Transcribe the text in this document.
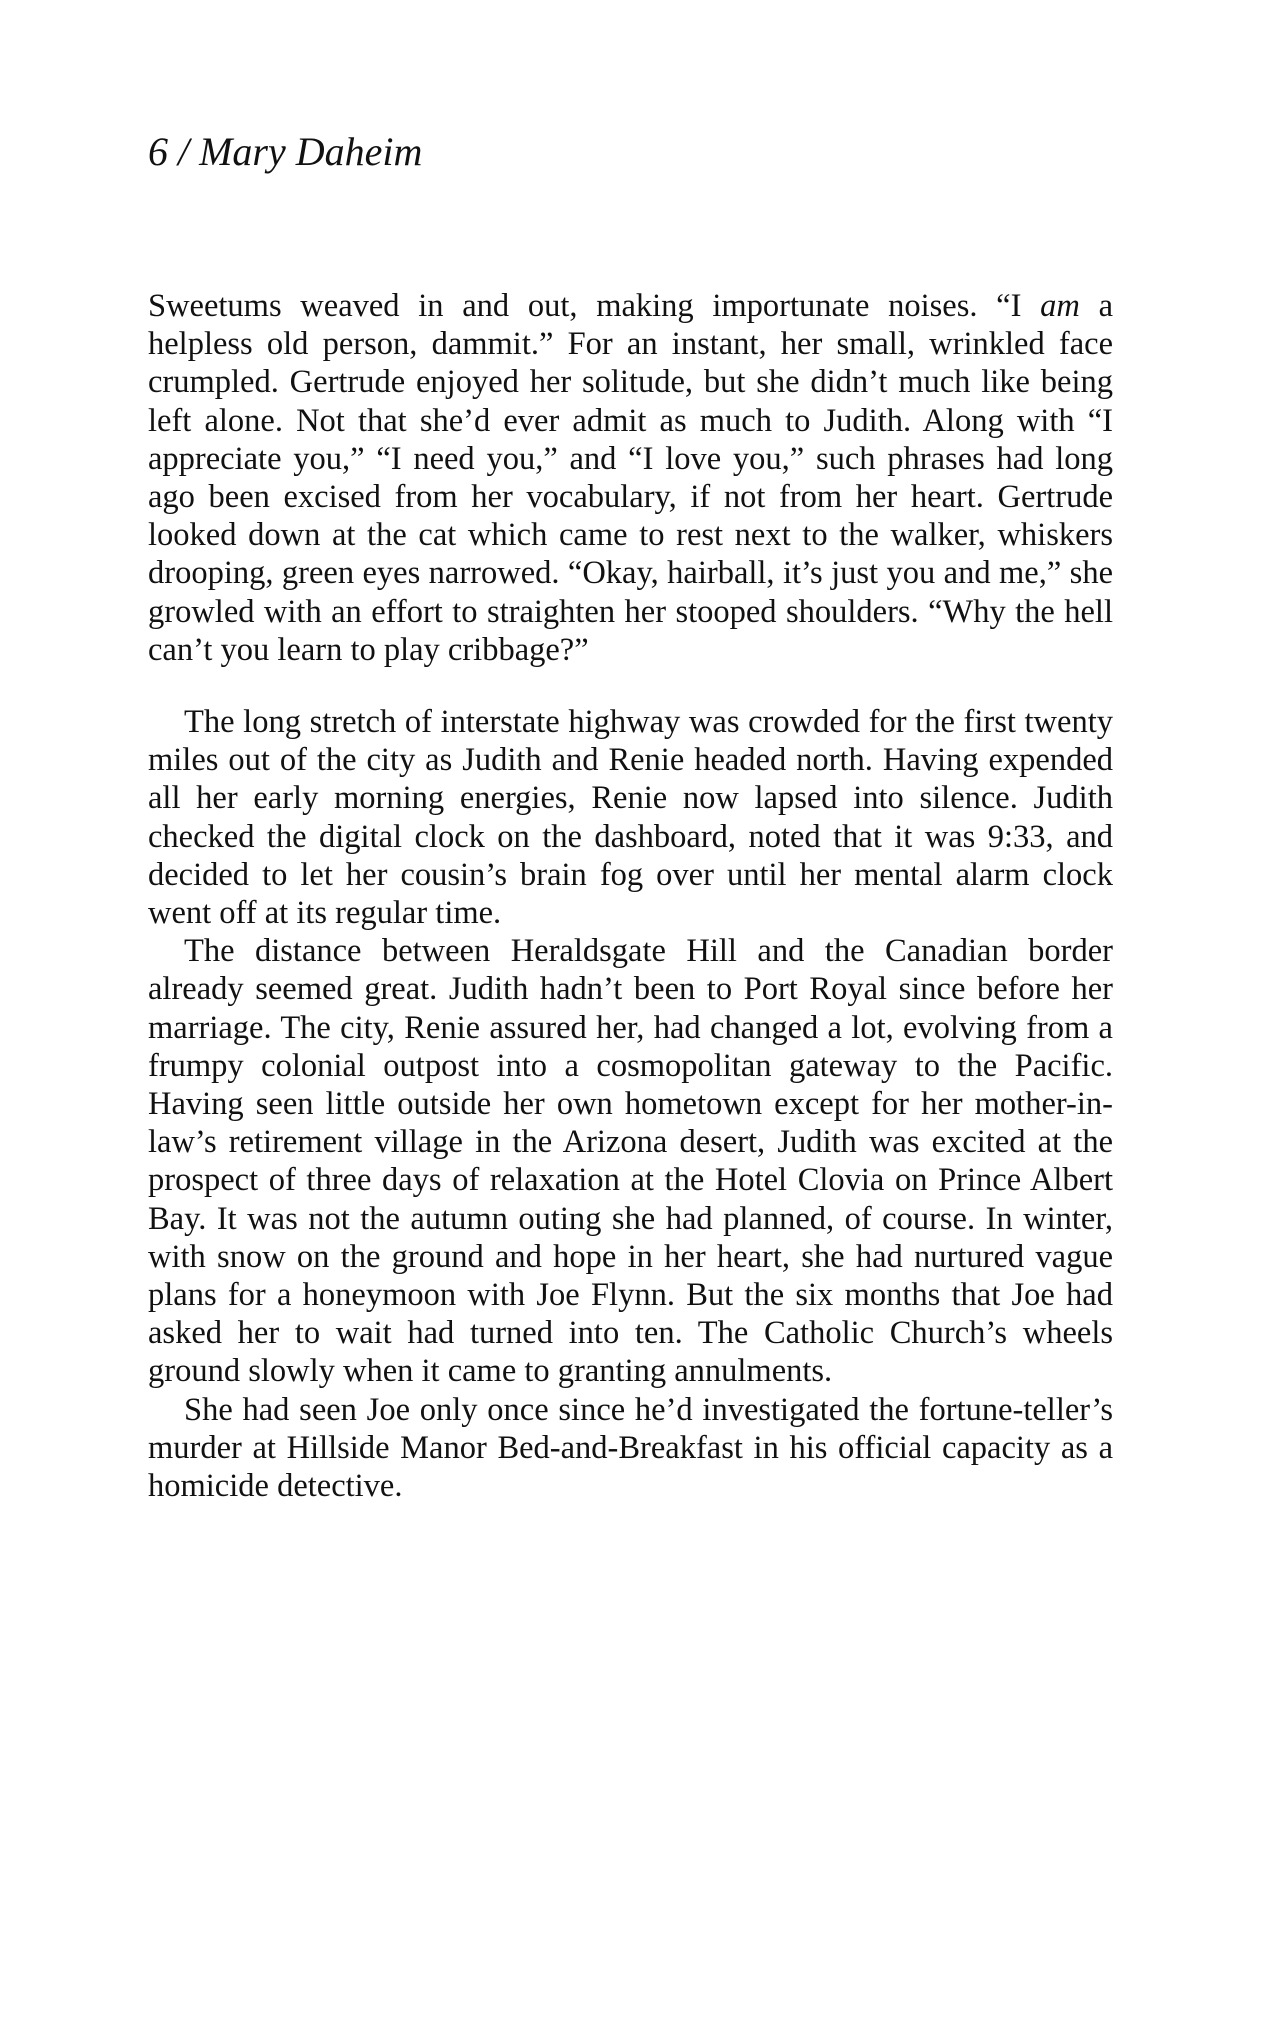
6 / Mary Daheim

Sweetums weaved in and out, making importunate noises. “I am a helpless old person, dammit.” For an instant, her small, wrinkled face crumpled. Gertrude enjoyed her solitude, but she didn’t much like being left alone. Not that she’d ever admit as much to Judith. Along with “I appreciate you,” “I need you,” and “I love you,” such phrases had long ago been excised from her vocabulary, if not from her heart. Gertrude looked down at the cat which came to rest next to the walker, whiskers drooping, green eyes narrowed. “Okay, hairball, it’s just you and me,” she growled with an effort to straighten her stooped shoulders. “Why the hell can’t you learn to play cribbage?”

The long stretch of interstate highway was crowded for the first twenty miles out of the city as Judith and Renie headed north. Having expended all her early morning energies, Renie now lapsed into silence. Judith checked the digital clock on the dashboard, noted that it was 9:33, and decided to let her cousin’s brain fog over until her mental alarm clock went off at its regular time.

The distance between Heraldsgate Hill and the Canadian border already seemed great. Judith hadn’t been to Port Royal since before her marriage. The city, Renie assured her, had changed a lot, evolving from a frumpy colonial outpost into a cosmopolitan gateway to the Pacific. Having seen little outside her own hometown except for her mother-in-law’s retirement village in the Arizona desert, Judith was excited at the prospect of three days of relaxation at the Hotel Clovia on Prince Albert Bay. It was not the autumn outing she had planned, of course. In winter, with snow on the ground and hope in her heart, she had nurtured vague plans for a honeymoon with Joe Flynn. But the six months that Joe had asked her to wait had turned into ten. The Catholic Church’s wheels ground slowly when it came to granting annulments.

She had seen Joe only once since he’d investigated the fortune-teller’s murder at Hillside Manor Bed-and-Breakfast in his official capacity as a homicide detective.
